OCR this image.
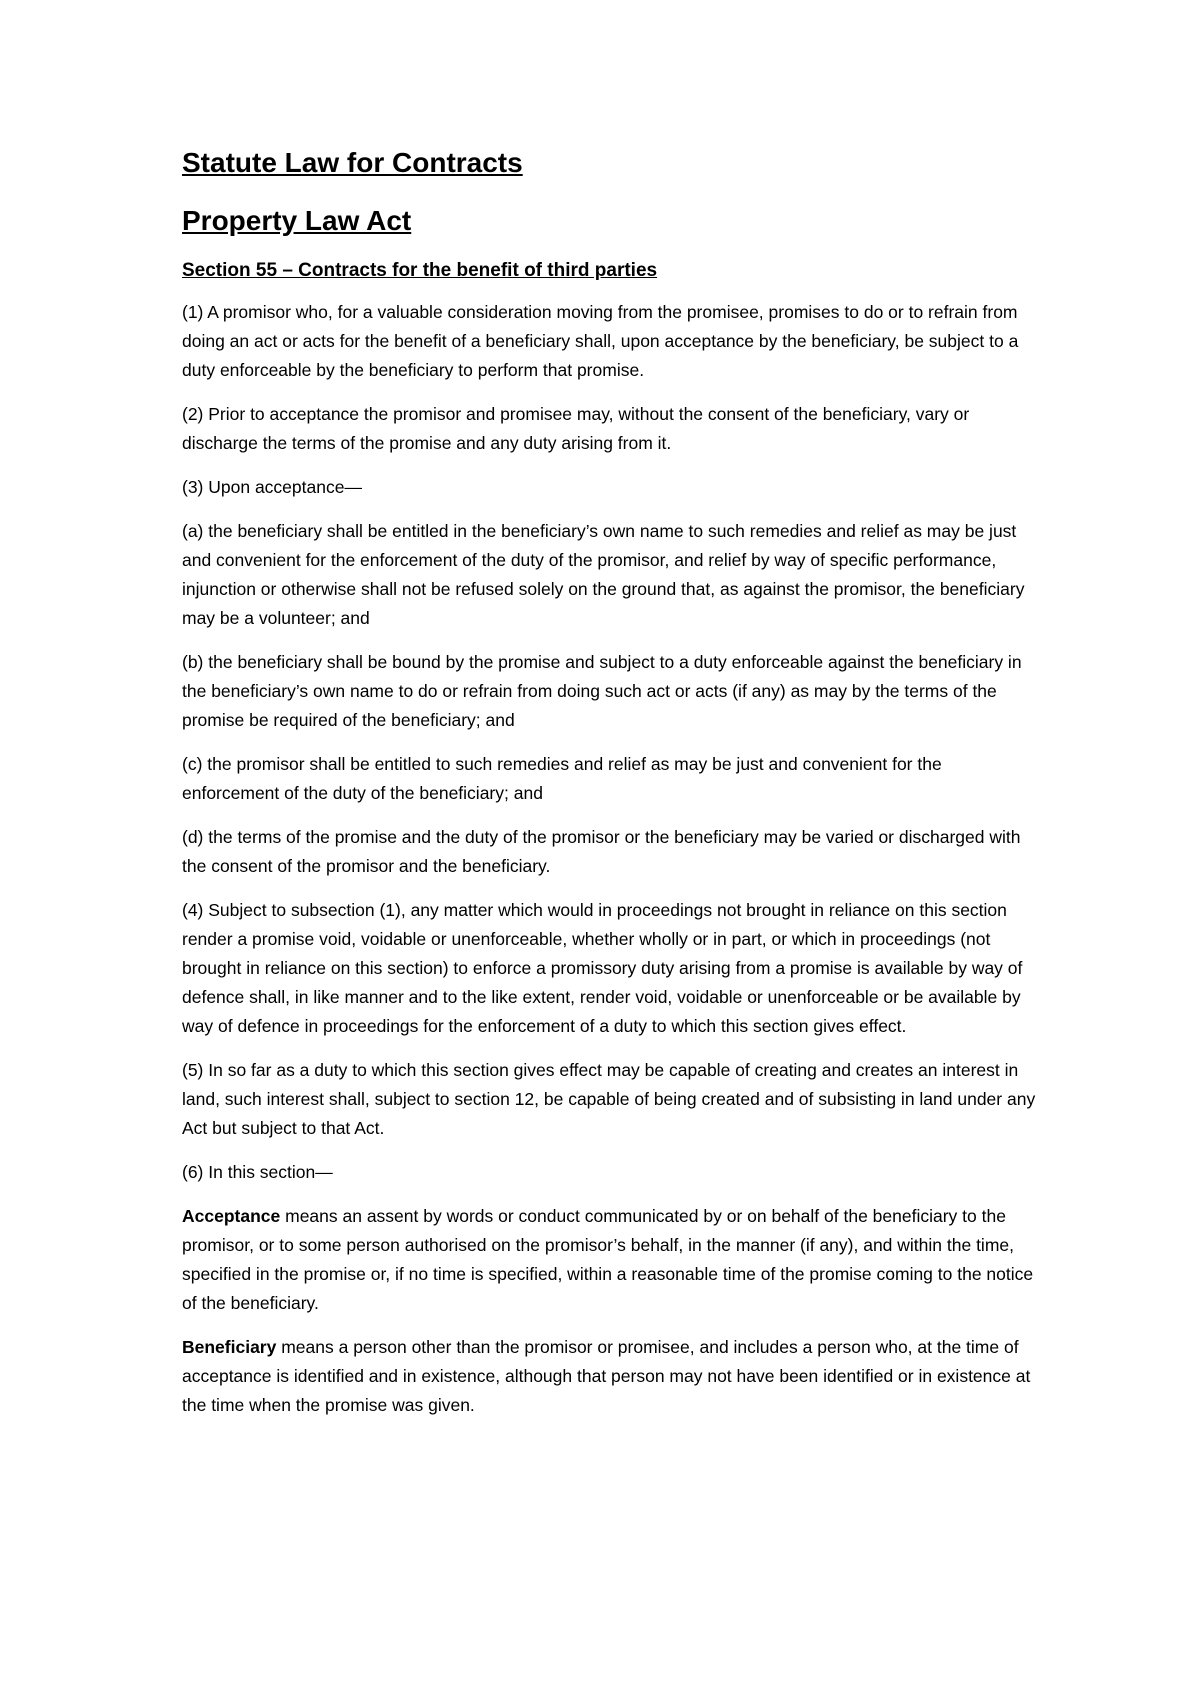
Statute Law for Contracts
Property Law Act
Section 55 – Contracts for the benefit of third parties

(1) A promisor who, for a valuable consideration moving from the promisee, promises to do or to refrain from doing an act or acts for the benefit of a beneficiary shall, upon acceptance by the beneficiary, be subject to a duty enforceable by the beneficiary to perform that promise.

(2) Prior to acceptance the promisor and promisee may, without the consent of the beneficiary, vary or discharge the terms of the promise and any duty arising from it.

(3) Upon acceptance—

(a) the beneficiary shall be entitled in the beneficiary’s own name to such remedies and relief as may be just and convenient for the enforcement of the duty of the promisor, and relief by way of specific performance, injunction or otherwise shall not be refused solely on the ground that, as against the promisor, the beneficiary may be a volunteer; and

(b) the beneficiary shall be bound by the promise and subject to a duty enforceable against the beneficiary in the beneficiary’s own name to do or refrain from doing such act or acts (if any) as may by the terms of the promise be required of the beneficiary; and

(c) the promisor shall be entitled to such remedies and relief as may be just and convenient for the enforcement of the duty of the beneficiary; and

(d) the terms of the promise and the duty of the promisor or the beneficiary may be varied or discharged with the consent of the promisor and the beneficiary.

(4) Subject to subsection (1), any matter which would in proceedings not brought in reliance on this section render a promise void, voidable or unenforceable, whether wholly or in part, or which in proceedings (not brought in reliance on this section) to enforce a promissory duty arising from a promise is available by way of defence shall, in like manner and to the like extent, render void, voidable or unenforceable or be available by way of defence in proceedings for the enforcement of a duty to which this section gives effect.

(5) In so far as a duty to which this section gives effect may be capable of creating and creates an interest in land, such interest shall, subject to section 12, be capable of being created and of subsisting in land under any Act but subject to that Act.

(6) In this section—

Acceptance means an assent by words or conduct communicated by or on behalf of the beneficiary to the promisor, or to some person authorised on the promisor’s behalf, in the manner (if any), and within the time, specified in the promise or, if no time is specified, within a reasonable time of the promise coming to the notice of the beneficiary.

Beneficiary means a person other than the promisor or promisee, and includes a person who, at the time of acceptance is identified and in existence, although that person may not have been identified or in existence at the time when the promise was given.
